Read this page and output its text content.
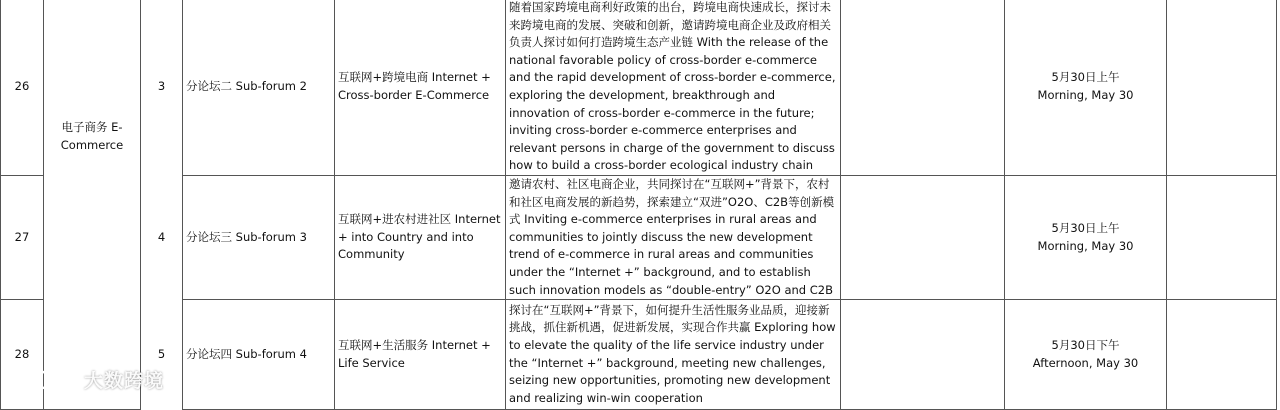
26	电子商务 E-Commerce	3	分论坛二 Sub-forum 2	互联网+跨境电商 Internet + Cross-border E-Commerce	随着国家跨境电商利好政策的出台，跨境电商快速成长，探讨未来跨境电商的发展、突破和创新，邀请跨境电商企业及政府相关负责人探讨如何打造跨境生态产业链 With the release of the national favorable policy of cross-border e-commerce and the rapid development of cross-border e-commerce, exploring the development, breakthrough and innovation of cross-border e-commerce in the future; inviting cross-border e-commerce enterprises and relevant persons in charge of the government to discuss how to build a cross-border ecological industry chain		5月30日上午
Morning, May 30	

27		4	分论坛三 Sub-forum 3	互联网+进农村进社区 Internet + into Country and into Community	邀请农村、社区电商企业，共同探讨在“互联网+”背景下，农村和社区电商发展的新趋势，探索建立“双进”O2O、C2B等创新模式 Inviting e-commerce enterprises in rural areas and communities to jointly discuss the new development trend of e-commerce in rural areas and communities under the “Internet +” background, and to establish such innovation models as “double-entry” O2O and C2B		5月30日上午
Morning, May 30	

28		5	分论坛四 Sub-forum 4	互联网+生活服务 Internet + Life Service	探讨在“互联网+”背景下，如何提升生活性服务业品质，迎接新挑战，抓住新机遇，促进新发展，实现合作共赢 Exploring how to elevate the quality of the life service industry under the “Internet +” background, meeting new challenges, seizing new opportunities, promoting new development and realizing win-win cooperation		5月30日下午
Afternoon, May 30	

大数跨境
